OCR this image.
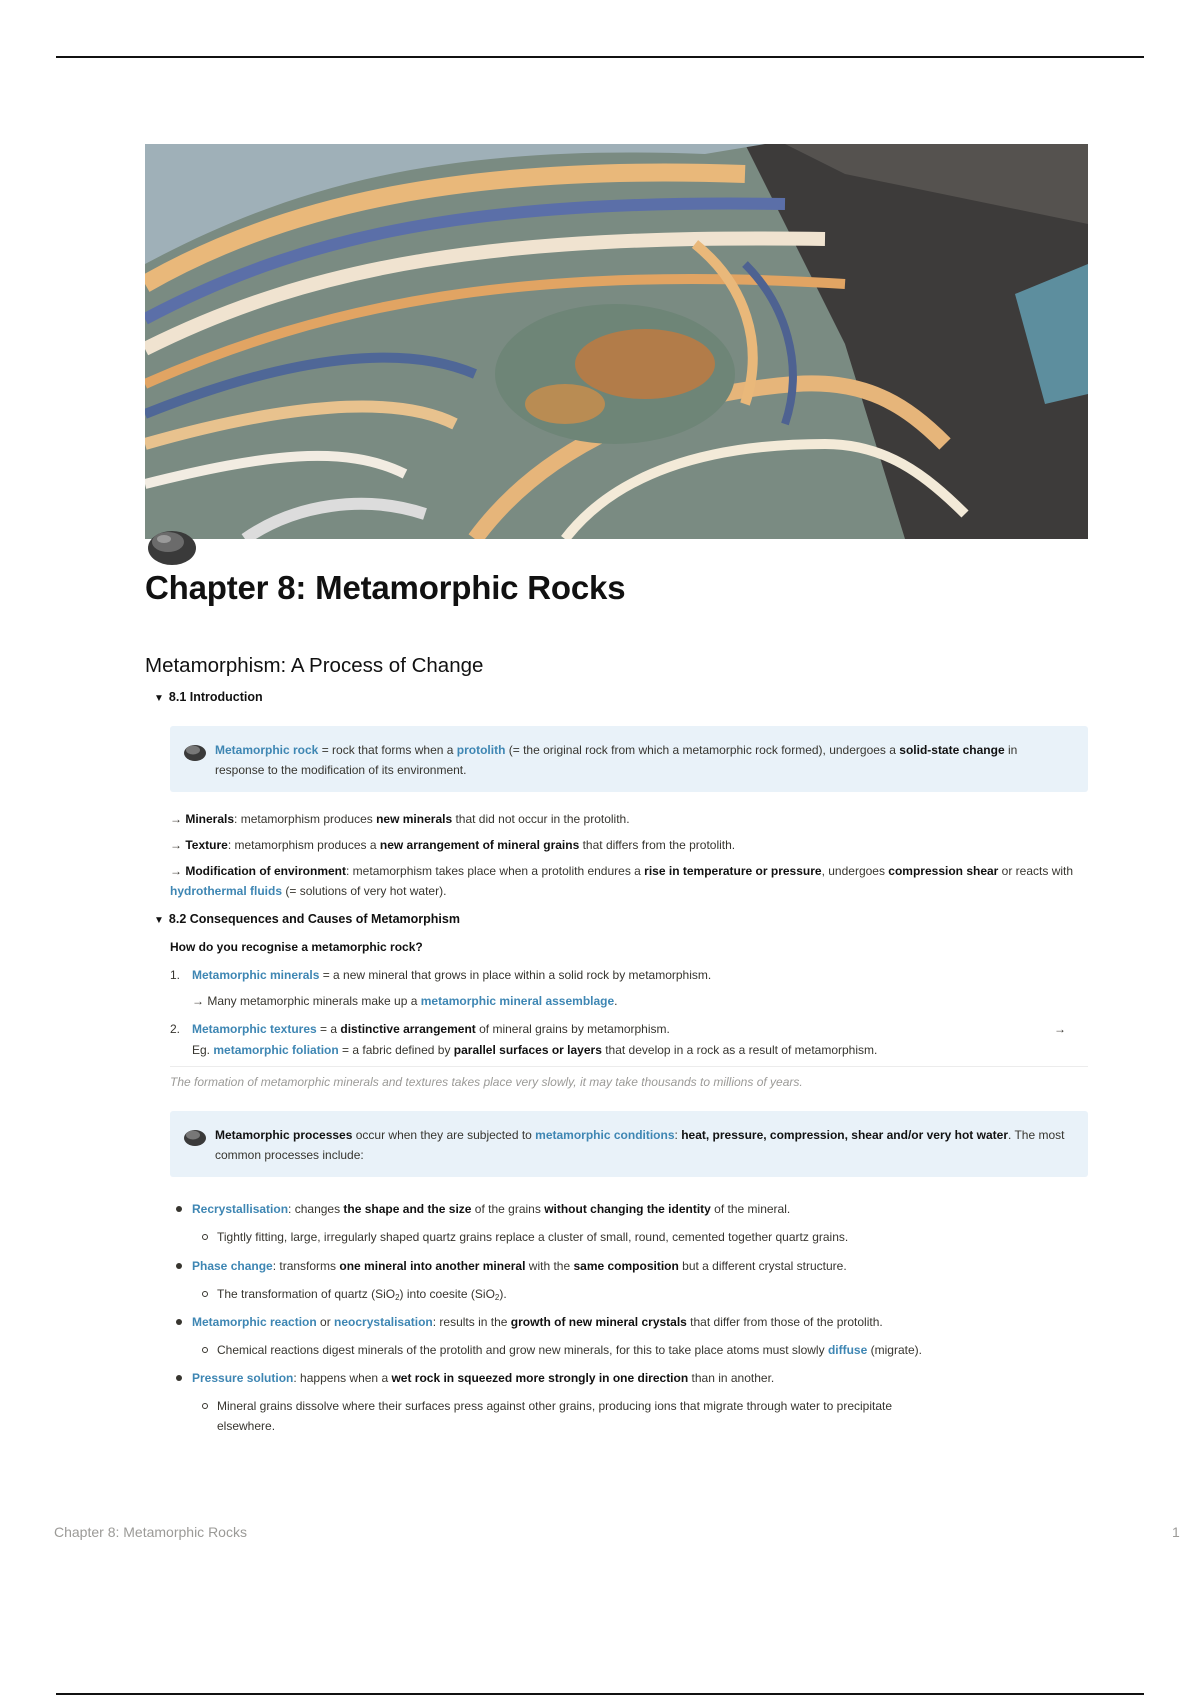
Chapter 8: Metamorphic Rocks
Metamorphism: A Process of Change
▼ 8.1 Introduction
Metamorphic rock = rock that forms when a protolith (= the original rock from which a metamorphic rock formed), undergoes a solid-state change in response to the modification of its environment.
→ Minerals: metamorphism produces new minerals that did not occur in the protolith.
→ Texture: metamorphism produces a new arrangement of mineral grains that differs from the protolith.
→ Modification of environment: metamorphism takes place when a protolith endures a rise in temperature or pressure, undergoes compression shear or reacts with hydrothermal fluids (= solutions of very hot water).
▼ 8.2 Consequences and Causes of Metamorphism
How do you recognise a metamorphic rock?
1. Metamorphic minerals = a new mineral that grows in place within a solid rock by metamorphism.
→ Many metamorphic minerals make up a metamorphic mineral assemblage.
2. Metamorphic textures = a distinctive arrangement of mineral grains by metamorphism.	→
Eg. metamorphic foliation = a fabric defined by parallel surfaces or layers that develop in a rock as a result of metamorphism.
The formation of metamorphic minerals and textures takes place very slowly, it may take thousands to millions of years.
Metamorphic processes occur when they are subjected to metamorphic conditions: heat, pressure, compression, shear and/or very hot water. The most common processes include:
Recrystallisation: changes the shape and the size of the grains without changing the identity of the mineral.
Tightly fitting, large, irregularly shaped quartz grains replace a cluster of small, round, cemented together quartz grains.
Phase change: transforms one mineral into another mineral with the same composition but a different crystal structure.
The transformation of quartz (SiO$_2$) into coesite (SiO$_2$).
Metamorphic reaction or neocrystalisation: results in the growth of new mineral crystals that differ from those of the protolith.
Chemical reactions digest minerals of the protolith and grow new minerals, for this to take place atoms must slowly diffuse (migrate).
Pressure solution: happens when a wet rock in squeezed more strongly in one direction than in another.
Mineral grains dissolve where their surfaces press against other grains, producing ions that migrate through water to precipitate
elsewhere.
Chapter 8: Metamorphic Rocks	1
